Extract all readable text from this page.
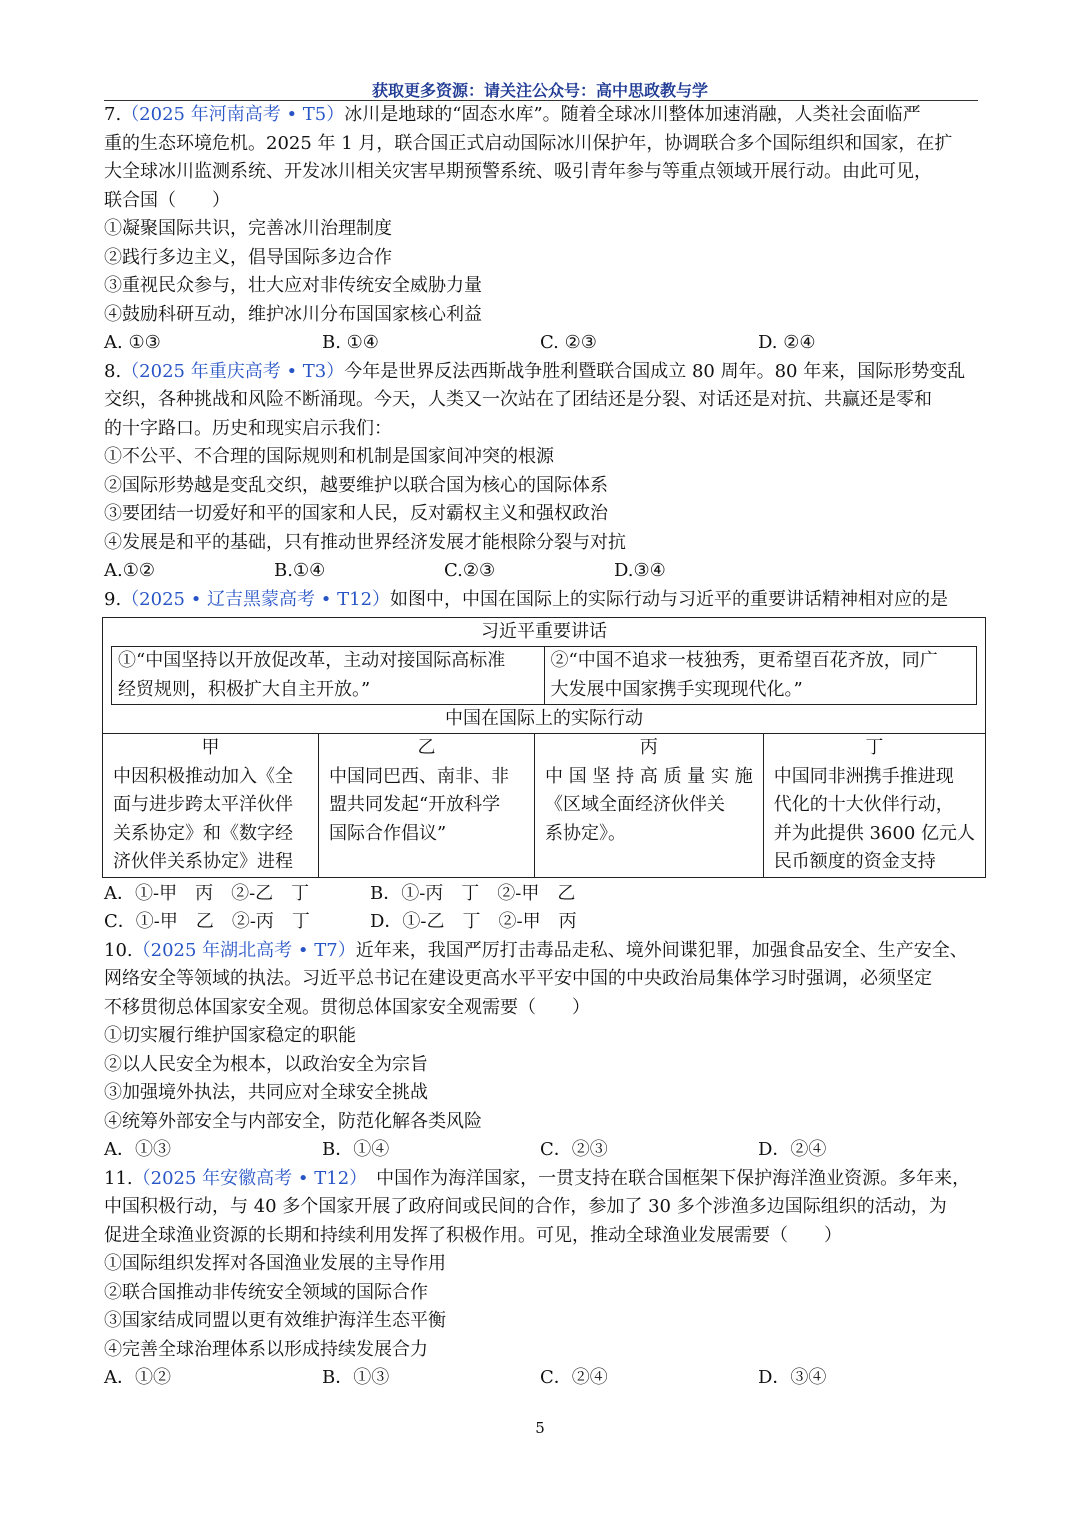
获取更多资源：请关注公众号：高中思政教与学
7.（2025 年河南高考 • T5）冰川是地球的“固态水库”。随着全球冰川整体加速消融，人类社会面临严
重的生态环境危机。2025 年 1 月，联合国正式启动国际冰川保护年，协调联合多个国际组织和国家，在扩
大全球冰川监测系统、开发冰川相关灾害早期预警系统、吸引青年参与等重点领域开展行动。由此可见，
联合国（　　）
①凝聚国际共识，完善冰川治理制度
②践行多边主义，倡导国际多边合作
③重视民众参与，壮大应对非传统安全威胁力量
④鼓励科研互动，维护冰川分布国国家核心利益
A. ①③	B. ①④	C. ②③	D. ②④
8.（2025 年重庆高考 • T3）今年是世界反法西斯战争胜利暨联合国成立 80 周年。80 年来，国际形势变乱
交织，各种挑战和风险不断涌现。今天，人类又一次站在了团结还是分裂、对话还是对抗、共赢还是零和
的十字路口。历史和现实启示我们：
①不公平、不合理的国际规则和机制是国家间冲突的根源
②国际形势越是变乱交织，越要维护以联合国为核心的国际体系
③要团结一切爱好和平的国家和人民，反对霸权主义和强权政治
④发展是和平的基础，只有推动世界经济发展才能根除分裂与对抗
A.①②	B.①④	C.②③	D.③④
9.（2025 • 辽吉黑蒙高考 • T12）如图中，中国在国际上的实际行动与习近平的重要讲话精神相对应的是
习近平重要讲话
①“中国坚持以开放促改革，主动对接国际高标准
经贸规则，积极扩大自主开放。”
②“中国不追求一枝独秀，更希望百花齐放，同广
大发展中国家携手实现现代化。”
中国在国际上的实际行动
甲
中因积极推动加入《全
面与进步跨太平洋伙伴
关系协定》和《数字经
济伙伴关系协定》进程
乙
中国同巴西、南非、非
盟共同发起“开放科学
国际合作倡议”
丙
中 国 坚 持 高 质 量 实 施
《区域全面经济伙伴关
系协定》。
丁
中国同非洲携手推进现
代化的十大伙伴行动，
并为此提供 3600 亿元人
民币额度的资金支持
A．①-甲　丙　②-乙　丁	B．①-丙　丁　②-甲　乙
C．①-甲　乙　②-丙　丁	D．①-乙　丁　②-甲　丙
10.（2025 年湖北高考 • T7）近年来，我国严厉打击毒品走私、境外间谍犯罪，加强食品安全、生产安全、
网络安全等领域的执法。习近平总书记在建设更高水平平安中国的中央政治局集体学习时强调，必须坚定
不移贯彻总体国家安全观。贯彻总体国家安全观需要（　　）
①切实履行维护国家稳定的职能
②以人民安全为根本，以政治安全为宗旨
③加强境外执法，共同应对全球安全挑战
④统筹外部安全与内部安全，防范化解各类风险
A．①③	B．①④	C．②③	D．②④
11.（2025 年安徽高考 • T12）　中国作为海洋国家，一贯支持在联合国框架下保护海洋渔业资源。多年来，
中国积极行动，与 40 多个国家开展了政府间或民间的合作，参加了 30 多个涉渔多边国际组织的活动，为
促进全球渔业资源的长期和持续利用发挥了积极作用。可见，推动全球渔业发展需要（　　）
①国际组织发挥对各国渔业发展的主导作用
②联合国推动非传统安全领域的国际合作
③国家结成同盟以更有效维护海洋生态平衡
④完善全球治理体系以形成持续发展合力
A．①②	B．①③	C．②④	D．③④
5
